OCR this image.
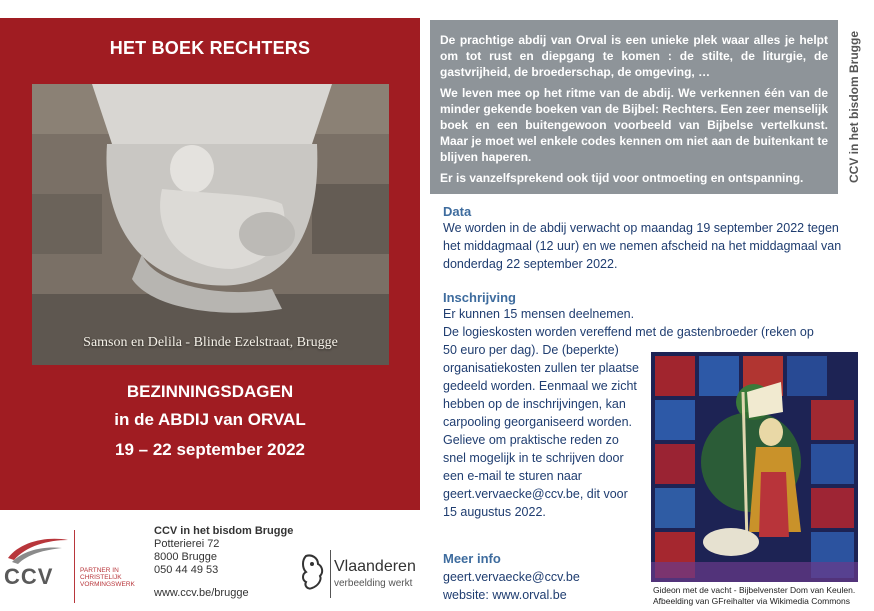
HET BOEK RECHTERS
Samson en Delila - Blinde Ezelstraat, Brugge
BEZINNINGSDAGEN
in de ABDIJ van ORVAL
19 – 22 september 2022
CCV	PARTNER IN
CHRISTELIJK
VORMINGSWERK
CCV in het bisdom Brugge
Potterierei 72
8000 Brugge
050 44 49 53
www.ccv.be/brugge
Vlaanderen
verbeelding werkt

De prachtige abdij van Orval is een unieke plek waar alles je helpt om tot rust en diepgang te komen : de stilte, de liturgie, de gastvrijheid, de broederschap, de omgeving, …

We leven mee op het ritme van de abdij. We verkennen één van de minder gekende boeken van de Bijbel: Rechters. Een zeer menselijk boek en een buitengewoon voorbeeld van Bijbelse vertelkunst. Maar je moet wel enkele codes kennen om niet aan de buitenkant te blijven haperen.

Er is vanzelfsprekend ook tijd voor ontmoeting en ontspanning.	CCV in het bisdom Brugge
Data
We worden in de abdij verwacht op maandag 19 september 2022 tegen het middagmaal (12 uur) en we nemen afscheid na het middagmaal van donderdag 22 september 2022.
Inschrijving
Er kunnen 15 mensen deelnemen.
De logieskosten worden vereffend met de gastenbroeder (reken op
50 euro per dag). De (beperkte) organisatiekosten zullen ter plaatse gedeeld worden. Eenmaal we zicht hebben op de inschrijvingen, kan carpooling georganiseerd worden. Gelieve om praktische reden zo snel mogelijk in te schrijven door een e-mail te sturen naar geert.vervaecke@ccv.be, dit voor 15 augustus 2022.
Meer info
geert.vervaecke@ccv.be
website: www.orval.be	Gideon met de vacht - Bijbelvenster Dom van Keulen.
Afbeelding van GFreihalter via Wikimedia Commons
